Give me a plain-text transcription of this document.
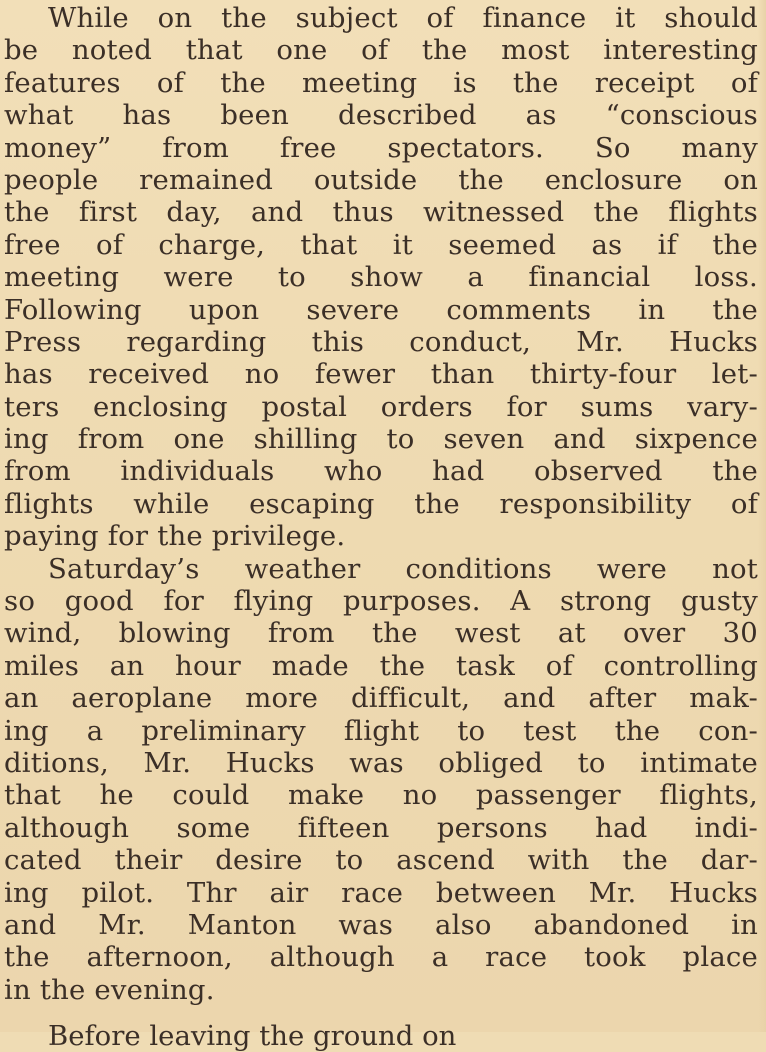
While on the subject of finance it should
be noted that one of the most interesting
features of the meeting is the receipt of
what has been described as “conscious
money” from free spectators. So many
people remained outside the enclosure on
the first day, and thus witnessed the flights
free of charge, that it seemed as if the
meeting were to show a financial loss.
Following upon severe comments in the
Press regarding this conduct, Mr. Hucks
has received no fewer than thirty-four let-
ters enclosing postal orders for sums vary-
ing from one shilling to seven and sixpence
from individuals who had observed the
flights while escaping the responsibility of
paying for the privilege.
Saturday’s weather conditions were not
so good for flying purposes. A strong gusty
wind, blowing from the west at over 30
miles an hour made the task of controlling
an aeroplane more difficult, and after mak-
ing a preliminary flight to test the con-
ditions, Mr. Hucks was obliged to intimate
that he could make no passenger flights,
although some fifteen persons had indi-
cated their desire to ascend with the dar-
ing pilot. Thr air race between Mr. Hucks
and Mr. Manton was also abandoned in
the afternoon, although a race took place
in the evening.
Before leaving the ground on
